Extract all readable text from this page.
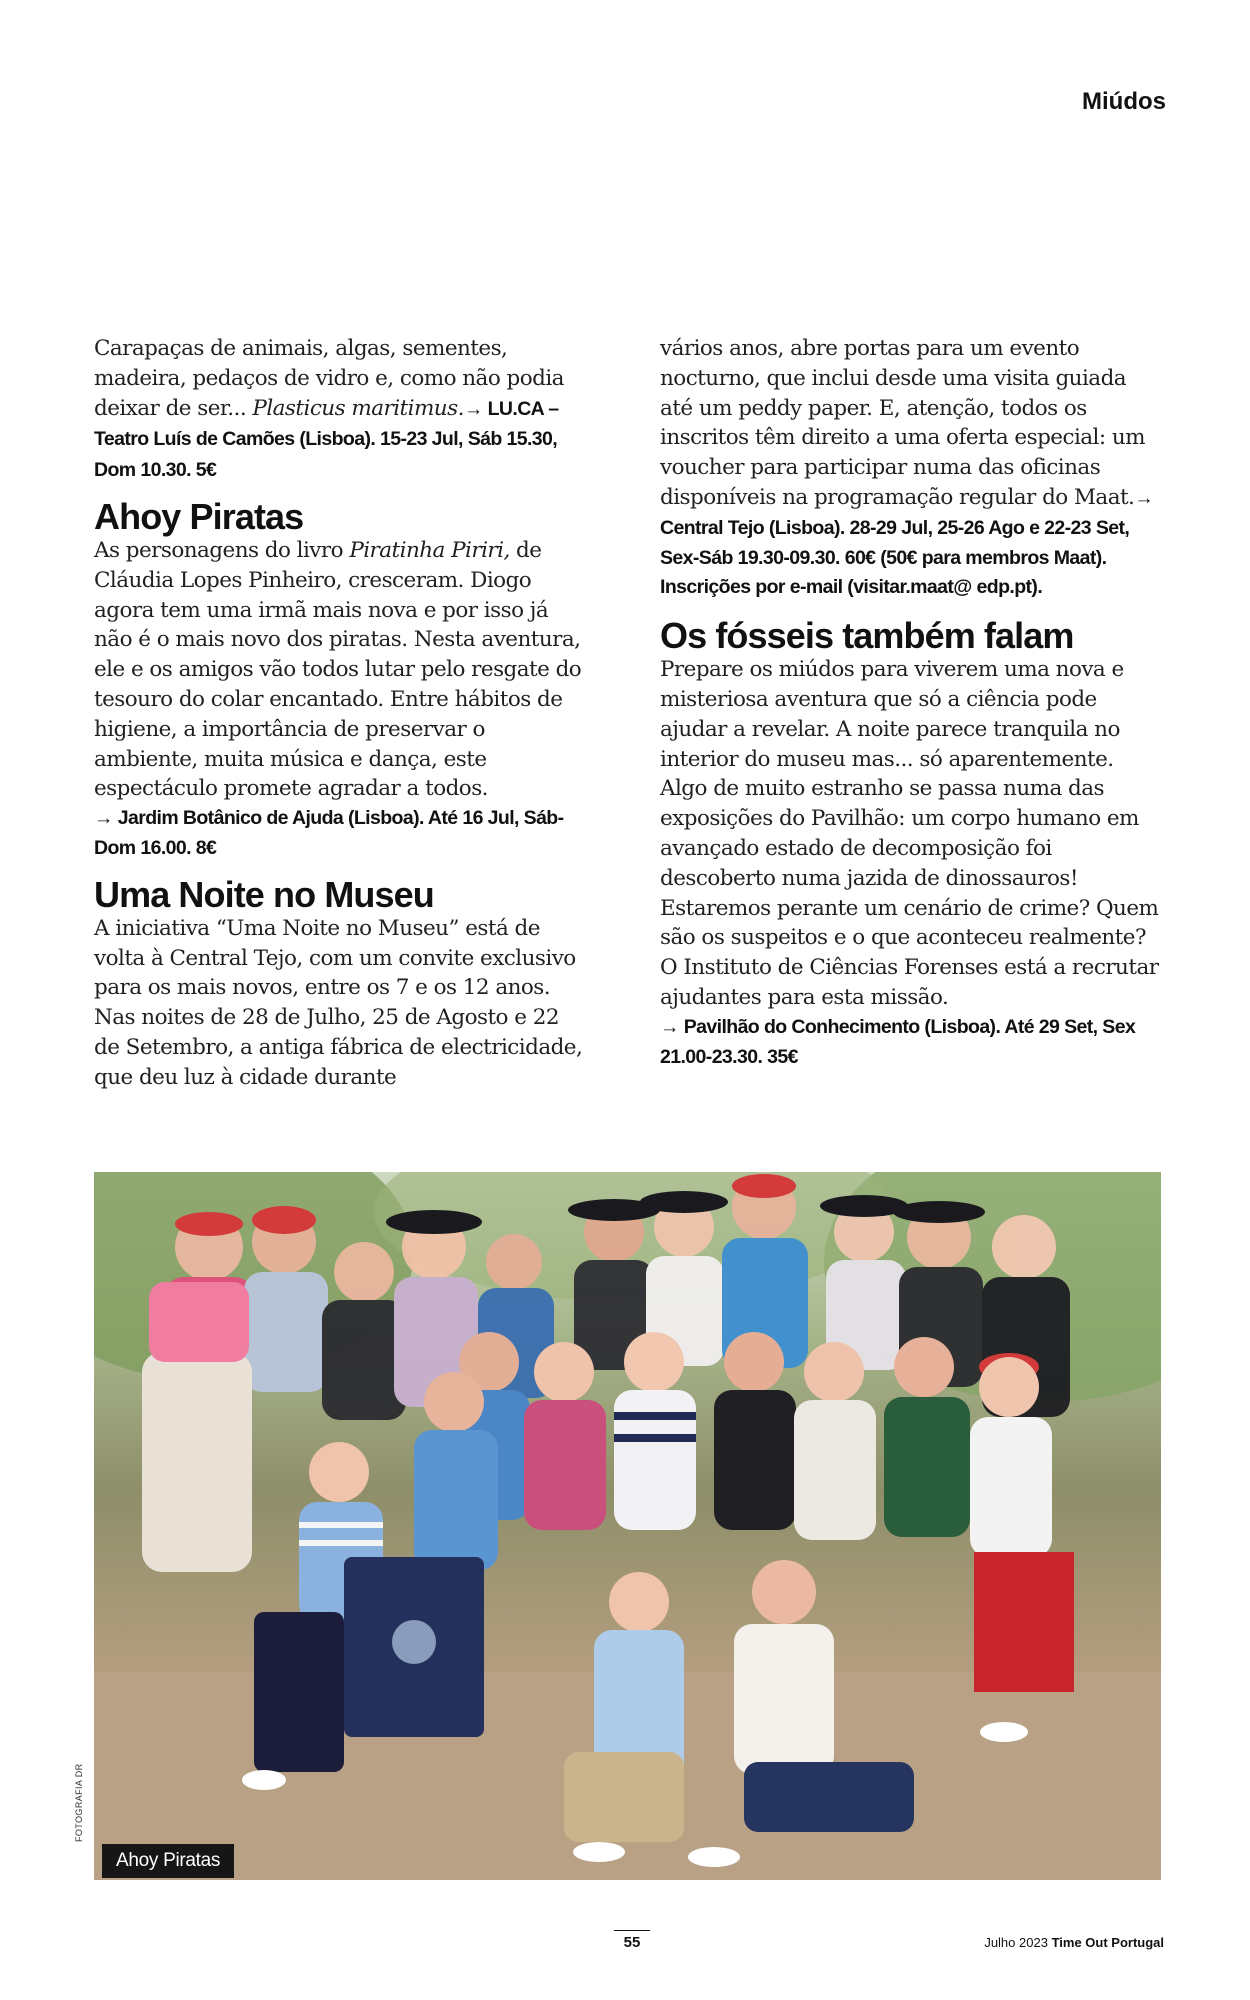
Miúdos

Carapaças de animais, algas, sementes, madeira, pedaços de vidro e, como não podia deixar de ser... Plasticus maritimus.→ LU.CA – Teatro Luís de Camões (Lisboa). 15-23 Jul, Sáb 15.30, Dom 10.30. 5€

Ahoy Piratas

As personagens do livro Piratinha Piriri, de Cláudia Lopes Pinheiro, cresceram. Diogo agora tem uma irmã mais nova e por isso já não é o mais novo dos piratas. Nesta aventura, ele e os amigos vão todos lutar pelo resgate do tesouro do colar encantado. Entre hábitos de higiene, a importância de preservar o ambiente, muita música e dança, este espectáculo promete agradar a todos.

→ Jardim Botânico de Ajuda (Lisboa). Até 16 Jul, Sáb-Dom 16.00. 8€
Uma Noite no Museu

A iniciativa “Uma Noite no Museu” está de volta à Central Tejo, com um convite exclusivo para os mais novos, entre os 7 e os 12 anos. Nas noites de 28 de Julho, 25 de Agosto e 22 de Setembro, a antiga fábrica de electricidade, que deu luz à cidade durante

vários anos, abre portas para um evento nocturno, que inclui desde uma visita guiada até um peddy paper. E, atenção, todos os inscritos têm direito a uma oferta especial: um voucher para participar numa das oficinas disponíveis na programação regular do Maat.

→ Central Tejo (Lisboa). 28-29 Jul, 25-26 Ago e 22-23 Set, Sex-Sáb 19.30-09.30. 60€ (50€ para membros Maat). Inscrições por e-mail (visitar.maat@ edp.pt).
Os fósseis também falam

Prepare os miúdos para viverem uma nova e misteriosa aventura que só a ciência pode ajudar a revelar. A noite parece tranquila no interior do museu mas... só aparentemente. Algo de muito estranho se passa numa das exposições do Pavilhão: um corpo humano em avançado estado de decomposição foi descoberto numa jazida de dinossauros! Estaremos perante um cenário de crime? Quem são os suspeitos e o que aconteceu realmente? O Instituto de Ciências Forenses está a recrutar ajudantes para esta missão.

→ Pavilhão do Conhecimento (Lisboa). Até 29 Set, Sex 21.00-23.30. 35€
Ahoy Piratas
FOTOGRAFIA DR
55	Julho 2023 Time Out Portugal
